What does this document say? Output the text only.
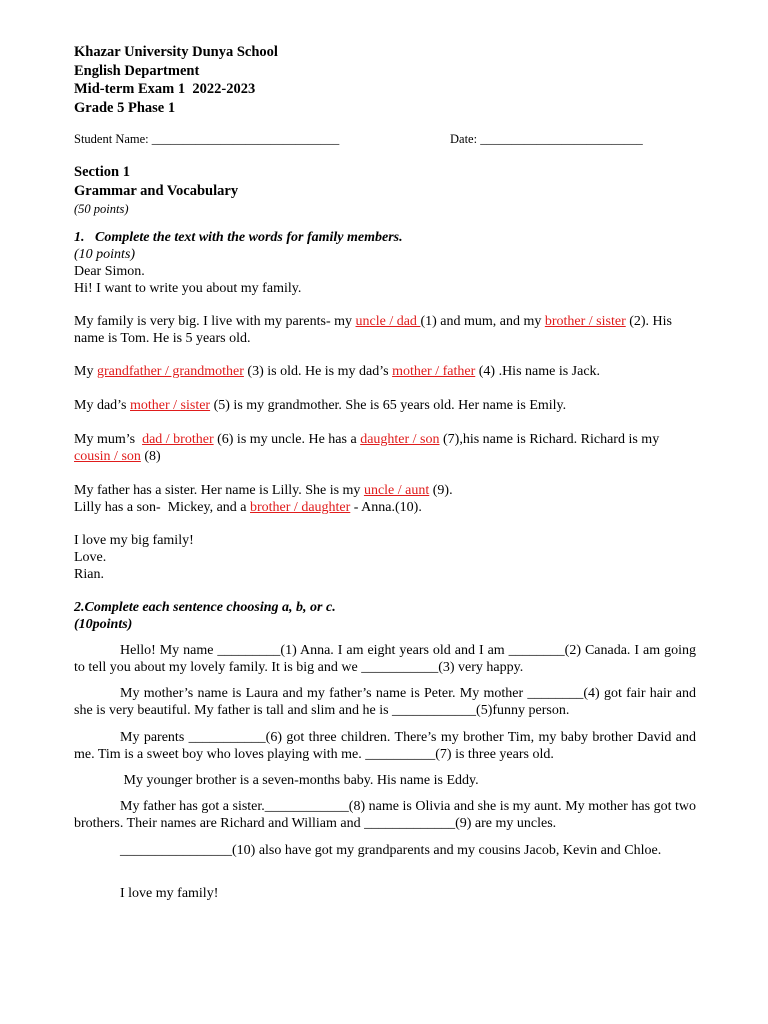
Khazar University Dunya School
English Department
Mid-term Exam 1  2022-2023
Grade 5 Phase 1
Student Name: ______________________________	Date: __________________________
Section 1
Grammar and Vocabulary
(50 points)
1.   Complete the text with the words for family members.
(10 points)
Dear Simon.
Hi! I want to write you about my family.

My family is very big. I live with my parents- my uncle / dad (1) and mum, and my brother / sister (2). His name is Tom. He is 5 years old.

My grandfather / grandmother (3) is old. He is my dad’s mother / father (4) .His name is Jack.

My dad’s mother / sister (5) is my grandmother. She is 65 years old. Her name is Emily.

My mum’s  dad / brother (6) is my uncle. He has a daughter / son (7),his name is Richard. Richard is my cousin / son (8)

My father has a sister. Her name is Lilly. She is my uncle / aunt (9).
Lilly has a son-  Mickey, and a brother / daughter - Anna.(10).
I love my big family!
Love.
Rian.
2.Complete each sentence choosing a, b, or c.
(10points)

Hello! My name _________(1) Anna. I am eight years old and I am ________(2) Canada. I am going to tell you about my lovely family. It is big and we ___________(3) very happy.

My mother’s name is Laura and my father’s name is Peter. My mother ________(4) got fair hair and she is very beautiful. My father is tall and slim and he is ____________(5)funny person.

My parents ___________(6) got three children. There’s my brother Tim, my baby brother David and me. Tim is a sweet boy who loves playing with me. __________(7) is three years old.

My younger brother is a seven-months baby. His name is Eddy.

My father has got a sister.____________(8) name is Olivia and she is my aunt. My mother has got two brothers. Their names are Richard and William and _____________(9) are my uncles.

________________(10) also have got my grandparents and my cousins Jacob, Kevin and Chloe.

I love my family!
